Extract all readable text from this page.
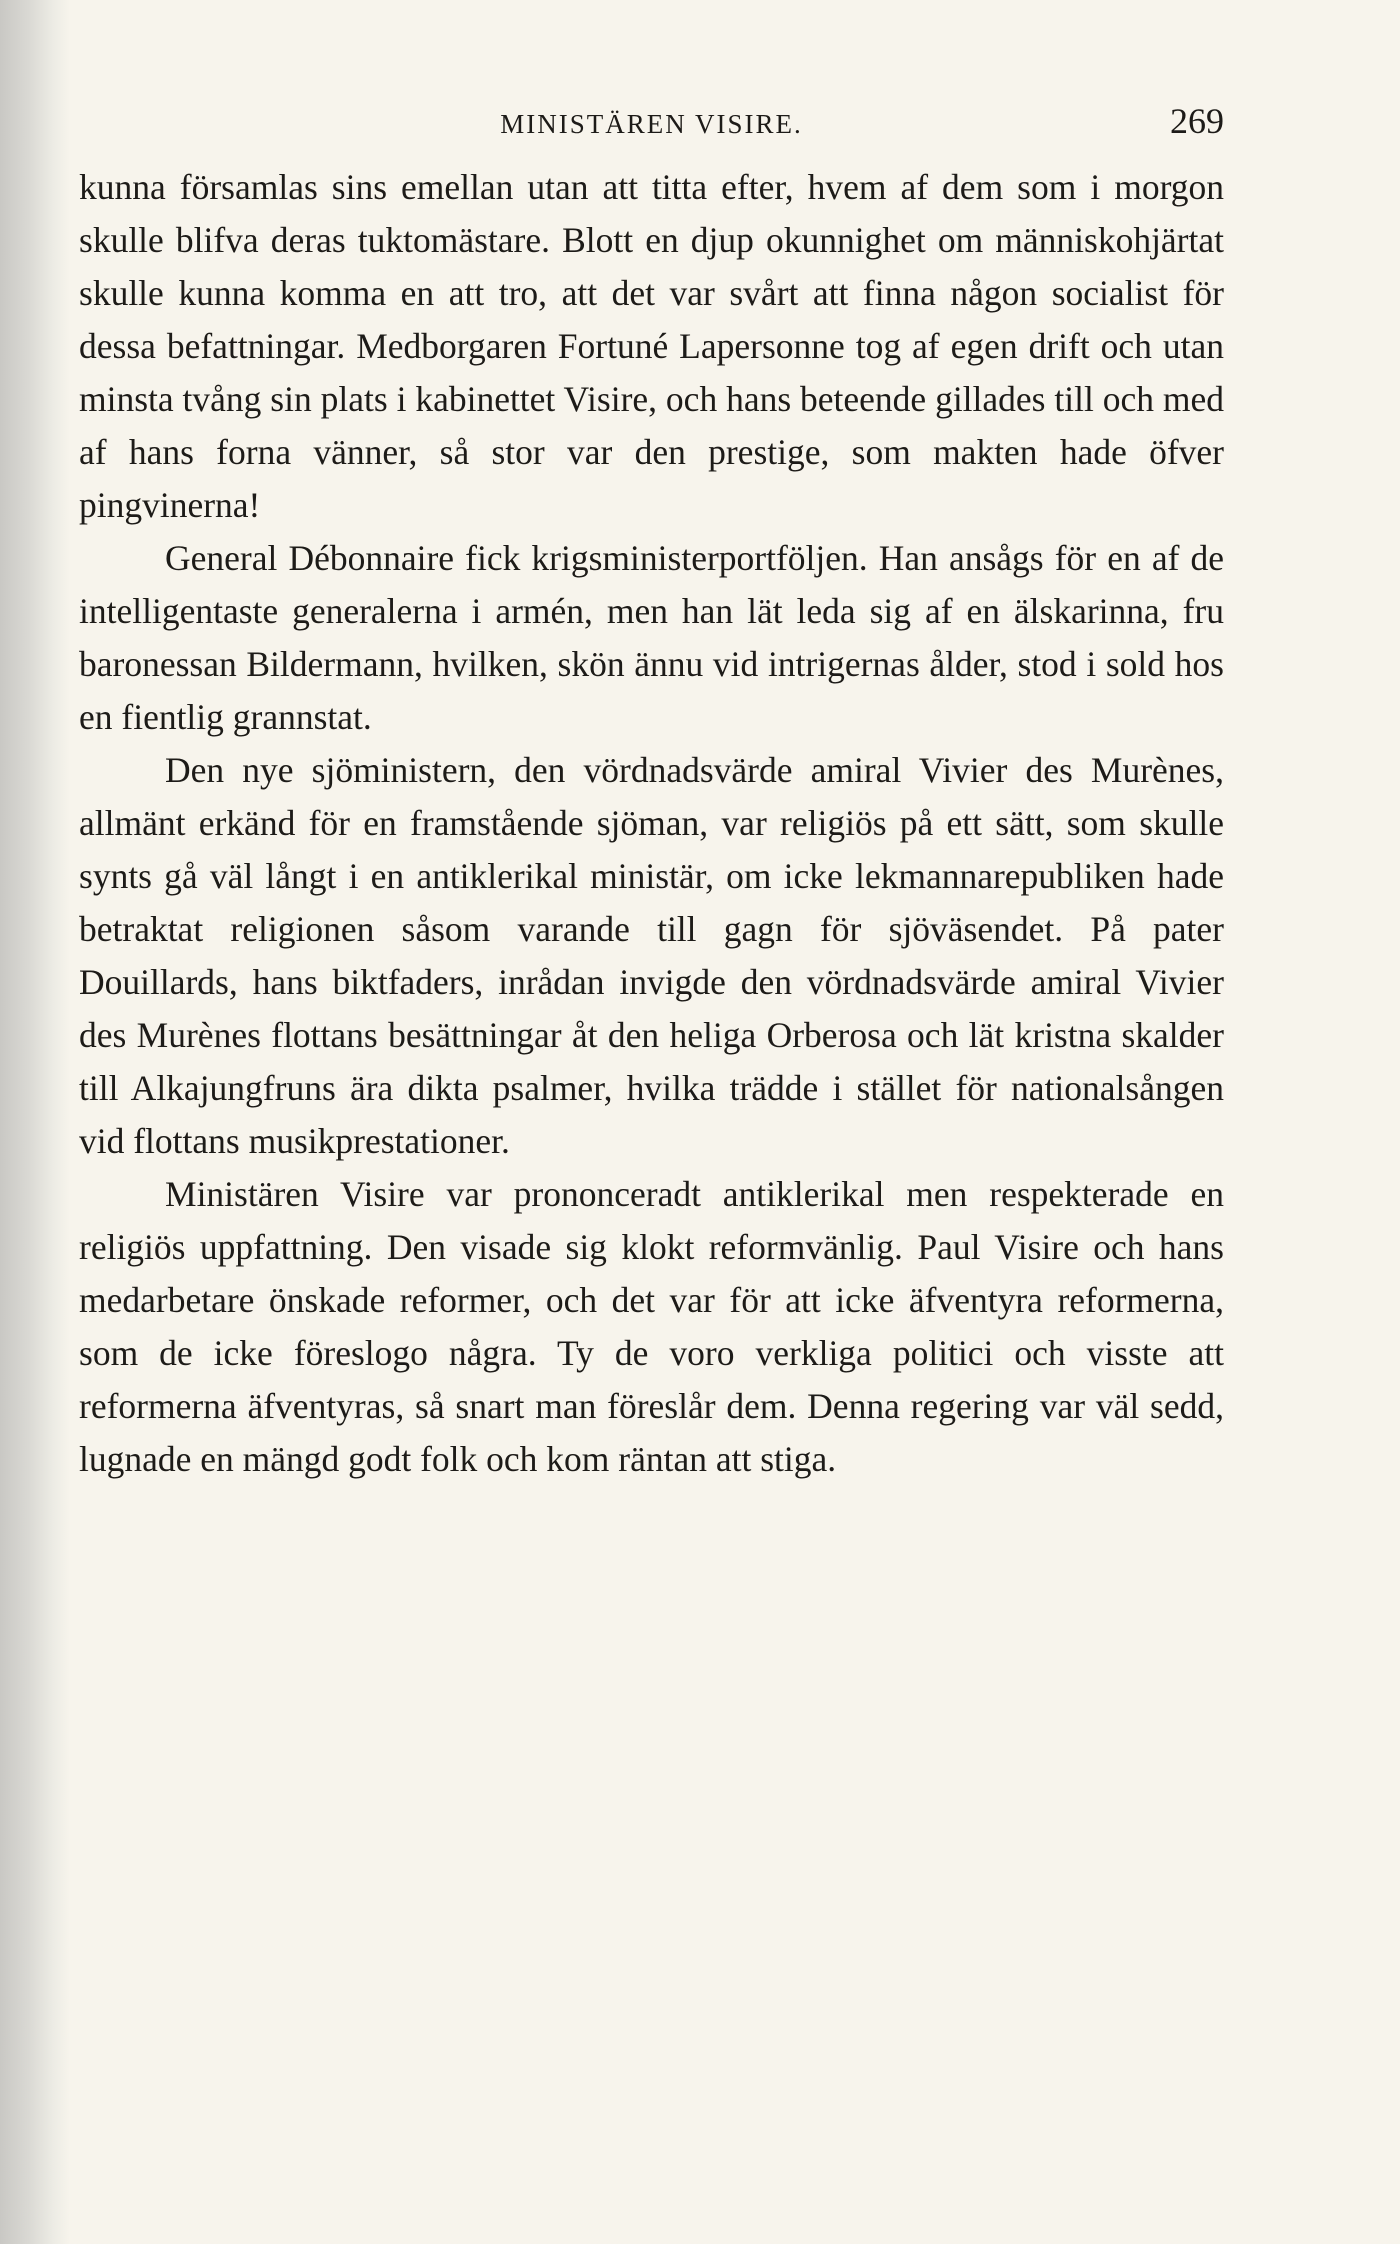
MINISTÄREN VISIRE.	269

kunna församlas sins emellan utan att titta efter, hvem af dem som i morgon skulle blifva deras tuktomästare. Blott en djup okunnighet om människohjärtat skulle kunna komma en att tro, att det var svårt att finna någon socialist för dessa befattningar. Medborgaren Fortuné Lapersonne tog af egen drift och utan minsta tvång sin plats i kabinettet Visire, och hans beteende gillades till och med af hans forna vänner, så stor var den prestige, som makten hade öfver pingvinerna!

General Débonnaire fick krigsministerportföljen. Han ansågs för en af de intelligentaste generalerna i armén, men han lät leda sig af en älskarinna, fru baronessan Bildermann, hvilken, skön ännu vid intrigernas ålder, stod i sold hos en fientlig grannstat.

Den nye sjöministern, den vördnadsvärde amiral Vivier des Murènes, allmänt erkänd för en framstående sjöman, var religiös på ett sätt, som skulle synts gå väl långt i en antiklerikal ministär, om icke lekmannarepubliken hade betraktat religionen såsom varande till gagn för sjöväsendet. På pater Douillards, hans biktfaders, inrådan invigde den vördnadsvärde amiral Vivier des Murènes flottans besättningar åt den heliga Orberosa och lät kristna skalder till Alkajungfruns ära dikta psalmer, hvilka trädde i stället för nationalsången vid flottans musikprestationer.

Ministären Visire var prononceradt antiklerikal men respekterade en religiös uppfattning. Den visade sig klokt reformvänlig. Paul Visire och hans medarbetare önskade reformer, och det var för att icke äfventyra reformerna, som de icke föreslogo några. Ty de voro verkliga politici och visste att reformerna äfventyras, så snart man föreslår dem. Denna regering var väl sedd, lugnade en mängd godt folk och kom räntan att stiga.
